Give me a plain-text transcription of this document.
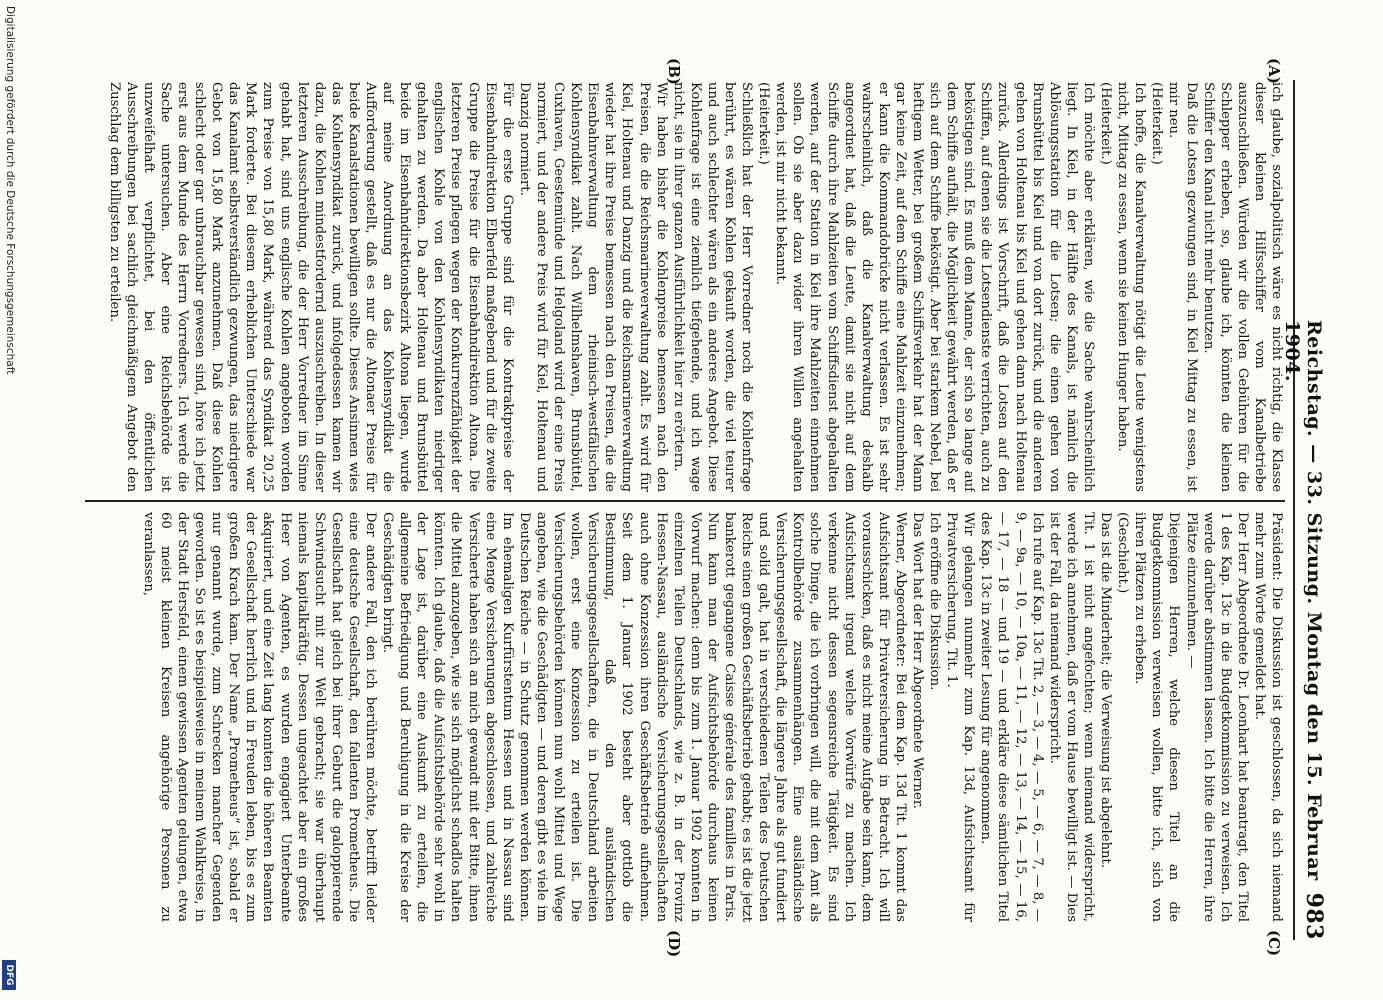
Reichstag. — 33. Sitzung. Montag den 15. Februar 1904.
983
(A)
(B)
(C)
(D)
ich glaube, sozialpolitisch wäre es nicht richtig, die Klasse dieser kleinen Hilfsschiffer vom Kanalbetriebe auszuschließen. Würden wir die vollen Gebühren für die Schlepper erheben, so, glaube ich, könnten die kleinen Schiffer den Kanal nicht mehr benutzen.
Daß die Lotsen gezwungen sind, in Kiel Mittag zu essen, ist mir neu.
(Heiterkeit.)
Ich hoffe, die Kanalverwaltung nötigt die Leute wenigstens nicht, Mittag zu essen, wenn sie keinen Hunger haben.
(Heiterkeit.)
Ich möchte aber erklären, wie die Sache wahrscheinlich liegt. In Kiel, in der Hälfte des Kanals, ist nämlich die Ablösungsstation für die Lotsen; die einen gehen von Brunsbüttel bis Kiel und von dort zurück, und die anderen gehen von Holtenau bis Kiel und gehen dann nach Holtenau zurück. Allerdings ist Vorschrift, daß die Lotsen auf den Schiffen, auf denen sie die Lotsendienste verrichten, auch zu beköstigen sind. Es muß dem Manne, der sich so lange auf dem Schiffe aufhält, die Möglichkeit gewährt werden, daß er sich auf dem Schiffe beköstigt. Aber bei starkem Nebel, bei heftigem Wetter, bei großem Schiffsverkehr hat der Mann gar keine Zeit, auf dem Schiffe eine Mahlzeit einzunehmen; er kann die Kommandobrücke nicht verlassen. Es ist sehr wahrscheinlich, daß die Kanalverwaltung deshalb angeordnet hat, daß die Leute, damit sie nicht auf dem Schiffe durch ihre Mahlzeiten vom Schiffsdienst abgehalten werden, auf der Station in Kiel ihre Mahlzeiten einnehmen sollen. Ob sie aber dazu wider ihren Willen angehalten werden, ist mir nicht bekannt.
(Heiterkeit.)
Schließlich hat der Herr Vorredner noch die Kohlenfrage berührt, es wären Kohlen gekauft worden, die viel teurer und auch schlechter wären als ein anderes Angebot. Diese Kohlenfrage ist eine ziemlich tiefgehende, und ich wage nicht, sie in ihrer ganzen Ausführlichkeit hier zu erörtern.
Wir haben bisher die Kohlenpreise bemessen nach den Preisen, die die Reichsmarineverwaltung zahlt. Es wird für Kiel, Holtenau und Danzig und die Reichsmarineverwaltung wieder hat ihre Preise bemessen nach den Preisen, die die Eisenbahnverwaltung dem rheinisch-westfälischen Kohlensyndikat zahlt. Nach Wilhelmshaven, Brunsbüttel, Cuxhaven, Geestemünde und Helgoland wird der eine Preis normiert, und der andere Preis wird für Kiel, Holtenau und Danzig normiert.
Für die erste Gruppe sind für die Kontraktpreise der Eisenbahndirektion Elberfeld maßgebend und für die zweite Gruppe die Preise für die Eisenbahndirektion Altona. Die letzteren Preise pflegen wegen der Konkurrenzfähigkeit der englischen Kohle von den Kohlensyndikaten niedriger gehalten zu werden. Da aber Holtenau und Brunsbüttel beide im Eisenbahndirektionsbezirk Altona liegen, wurde auf meine Anordnung an das Kohlensyndikat die Aufforderung gestellt, daß es nur die Altonaer Preise für beide Kanalstationen bewilligen sollte. Dieses Ansinnen wies das Kohlensyndikat zurück, und infolgedessen kamen wir dazu, die Kohlen mindestfordernd auszuschreiben. In dieser letzteren Ausschreibung, die der Herr Vorredner im Sinne gehabt hat, sind uns englische Kohlen angeboten worden zum Preise von 15,80 Mark, während das Syndikat 20,25 Mark forderte. Bei diesem erheblichen Unterschiede war das Kanalamt selbstverständlich gezwungen, das niedrigere Gebot von 15,80 Mark anzunehmen. Daß diese Kohlen schlecht oder gar unbrauchbar gewesen sind, höre ich jetzt erst aus dem Munde des Herrn Vorredners. Ich werde die Sache untersuchen. Aber eine Reichsbehörde ist unzweifelhaft verpflichtet, bei den öffentlichen Ausschreibungen bei sachlich gleichmäßigem Angebot den Zuschlag dem billigsten zu erteilen.
Präsident: Die Diskussion ist geschlossen, da sich niemand mehr zum Worte gemeldet hat.
Der Herr Abgeordnete Dr. Leonhart hat beantragt, den Titel 1 des Kap. 13c in die Budgetkommission zu verweisen. Ich werde darüber abstimmen lassen. Ich bitte die Herren, ihre Plätze einzunehmen. —
Diejenigen Herren, welche diesen Titel an die Budgetkommission verweisen wollen, bitte ich, sich von ihren Plätzen zu erheben.
(Geschieht.)
Das ist die Minderheit; die Verweisung ist abgelehnt.
Tit. 1 ist nicht angefochten; wenn niemand widerspricht, werde ich annehmen, daß er vom Hause bewilligt ist. — Dies ist der Fall, da niemand widerspricht.
Ich rufe auf Kap. 13c Tit. 2, — 3, — 4, — 5, — 6, — 7, — 8, — 9, — 9a, — 10, — 10a, — 11, — 12, — 13, — 14, — 15, — 16, — 17, — 18 — und 19 — und erkläre diese sämtlichen Titel des Kap. 13c in zweiter Lesung für angenommen.
Wir gelangen nunmehr zum Kap. 13d, Aufsichtsamt für Privatversicherung, Tit. 1.
Ich eröffne die Diskussion.
Das Wort hat der Herr Abgeordnete Werner.
Werner, Abgeordneter: Bei dem Kap. 13d Tit. 1 kommt das Aufsichtsamt für Privatversicherung in Betracht. Ich will vorausschicken, daß es nicht meine Aufgabe sein kann, dem Aufsichtsamt irgend welche Vorwürfe zu machen. Ich verkenne nicht dessen segensreiche Tätigkeit. Es sind solche Dinge, die ich vorbringen will, die mit dem Amt als Kontrollbehörde zusammenhängen. Eine ausländische Versicherungsgesellschaft, die längere Jahre als gut fundiert und solid galt, hat in verschiedenen Teilen des Deutschen Reichs einen großen Geschäftsbetrieb gehabt; es ist die jetzt bankerott gegangene Caisse générale des familles in Paris. Nun kann man der Aufsichtsbehörde durchaus keinen Vorwurf machen: denn bis zum 1. Januar 1902 konnten in einzelnen Teilen Deutschlands, wie z. B. in der Provinz Hessen-Nassau, ausländische Versicherungsgesellschaften auch ohne Konzession ihren Geschäftsbetrieb aufnehmen. Seit dem 1. Januar 1902 besteht aber gottlob die Bestimmung, daß den ausländischen Versicherungsgesellschaften, die in Deutschland arbeiten wollen, erst eine Konzession zu erteilen ist. Die Versicherungsbehörden können nun wohl Mittel und Wege angeben, wie die Geschädigten — und deren gibt es viele im Deutschen Reiche — in Schutz genommen werden können. Im ehemaligen Kurfürstentum Hessen und in Nassau sind eine Menge Versicherungen abgeschlossen, und zahlreiche Versicherte haben sich an mich gewandt mit der Bitte, ihnen die Mittel anzugeben, wie sie sich möglichst schadlos halten könnten. Ich glaube, daß die Aufsichtsbehörde sehr wohl in der Lage ist, darüber eine Auskunft zu erteilen, die allgemeine Befriedigung und Beruhigung in die Kreise der Geschädigten bringt.
Der andere Fall, den ich berühren möchte, betrifft leider eine deutsche Gesellschaft, den fallenten Prometheus. Die Gesellschaft hat gleich bei ihrer Geburt die galoppierende Schwindsucht mit zur Welt gebracht; sie war überhaupt niemals kapitalkräftig. Dessen ungeachtet aber ein großes Heer von Agenten, es wurden engagiert Unterbeamte akquiriert, und eine Zeit lang konnten die höheren Beamten der Gesellschaft herrlich und in Freuden leben, bis es zum großen Krach kam. Der Name „Prometheus“ ist, sobald er nur genannt wurde, zum Schrecken mancher Gegenden geworden. So ist es beispielsweise in meinem Wahlkreise, in der Stadt Hersfeld, einem gewissen Agenten gelungen, etwa 60 meist kleinen Kreisen angehörige Personen zu veranlassen,
Digitalisierung gefördert durch die Deutsche Forschungsgemeinschaft
DFG
